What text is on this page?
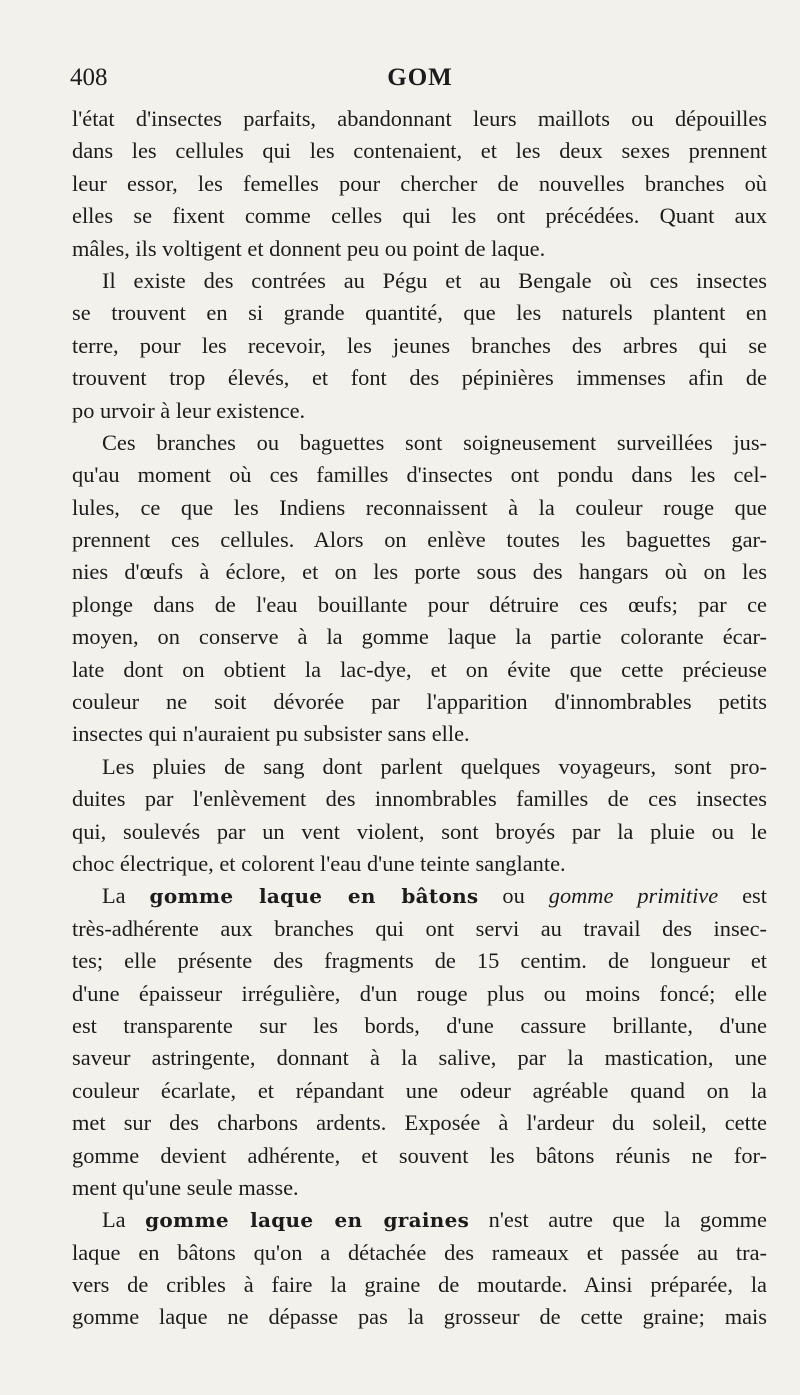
408	GOM
l'état d'insectes parfaits, abandonnant leurs maillots ou dépouilles
dans les cellules qui les contenaient, et les deux sexes prennent
leur essor, les femelles pour chercher de nouvelles branches où
elles se fixent comme celles qui les ont précédées. Quant aux
mâles, ils voltigent et donnent peu ou point de laque.
Il existe des contrées au Pégu et au Bengale où ces insectes
se trouvent en si grande quantité, que les naturels plantent en
terre, pour les recevoir, les jeunes branches des arbres qui se
trouvent trop élevés, et font des pépinières immenses afin de
po urvoir à leur existence.
Ces branches ou baguettes sont soigneusement surveillées jus-
qu'au moment où ces familles d'insectes ont pondu dans les cel-
lules, ce que les Indiens reconnaissent à la couleur rouge que
prennent ces cellules. Alors on enlève toutes les baguettes gar-
nies d'œufs à éclore, et on les porte sous des hangars où on les
plonge dans de l'eau bouillante pour détruire ces œufs; par ce
moyen, on conserve à la gomme laque la partie colorante écar-
late dont on obtient la lac-dye, et on évite que cette précieuse
couleur ne soit dévorée par l'apparition d'innombrables petits
insectes qui n'auraient pu subsister sans elle.
Les pluies de sang dont parlent quelques voyageurs, sont pro-
duites par l'enlèvement des innombrables familles de ces insectes
qui, soulevés par un vent violent, sont broyés par la pluie ou le
choc électrique, et colorent l'eau d'une teinte sanglante.
La gomme laque en bâtons ou gomme primitive est
très-adhérente aux branches qui ont servi au travail des insec-
tes; elle présente des fragments de 15 centim. de longueur et
d'une épaisseur irrégulière, d'un rouge plus ou moins foncé; elle
est transparente sur les bords, d'une cassure brillante, d'une
saveur astringente, donnant à la salive, par la mastication, une
couleur écarlate, et répandant une odeur agréable quand on la
met sur des charbons ardents. Exposée à l'ardeur du soleil, cette
gomme devient adhérente, et souvent les bâtons réunis ne for-
ment qu'une seule masse.
La gomme laque en graines n'est autre que la gomme
laque en bâtons qu'on a détachée des rameaux et passée au tra-
vers de cribles à faire la graine de moutarde. Ainsi préparée, la
gomme laque ne dépasse pas la grosseur de cette graine; mais
